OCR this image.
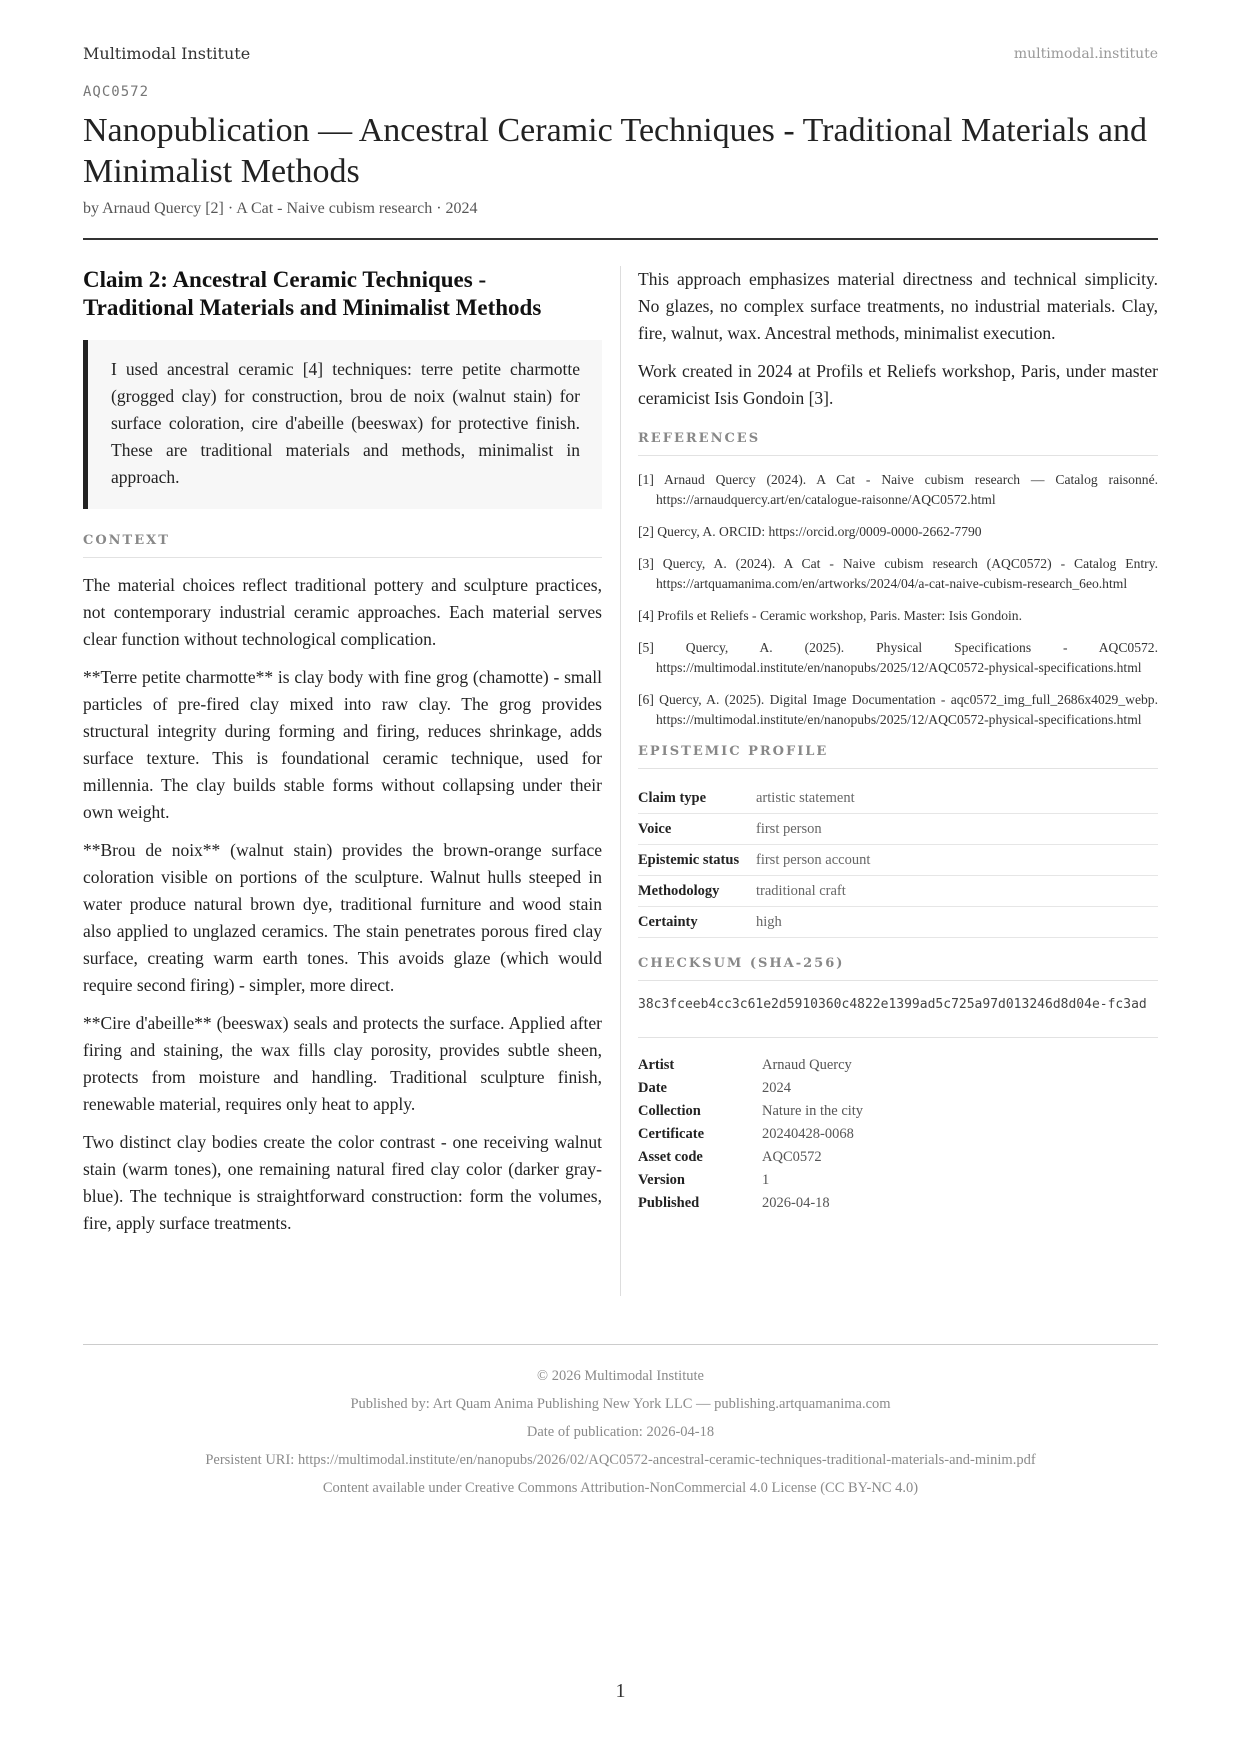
Multimodal Institute	multimodal.institute
AQC0572
Nanopublication — Ancestral Ceramic Techniques - Traditional Materials and Minimalist Methods
by Arnaud Quercy [2] · A Cat - Naive cubism research · 2024
Claim 2: Ancestral Ceramic Techniques - Traditional Materials and Minimalist Methods
I used ancestral ceramic [4] techniques: terre petite charmotte (grogged clay) for construction, brou de noix (walnut stain) for surface coloration, cire d'abeille (beeswax) for protective finish. These are traditional materials and methods, minimalist in approach.
CONTEXT

The material choices reflect traditional pottery and sculpture practices, not contemporary industrial ceramic approaches. Each material serves clear function without technological complication.

**Terre petite charmotte** is clay body with fine grog (chamotte) - small particles of pre-fired clay mixed into raw clay. The grog provides structural integrity during forming and firing, reduces shrinkage, adds surface texture. This is foundational ceramic technique, used for millennia. The clay builds stable forms without collapsing under their own weight.

**Brou de noix** (walnut stain) provides the brown-orange surface coloration visible on portions of the sculpture. Walnut hulls steeped in water produce natural brown dye, traditional furniture and wood stain also applied to unglazed ceramics. The stain penetrates porous fired clay surface, creating warm earth tones. This avoids glaze (which would require second firing) - simpler, more direct.

**Cire d'abeille** (beeswax) seals and protects the surface. Applied after firing and staining, the wax fills clay porosity, provides subtle sheen, protects from moisture and handling. Traditional sculpture finish, renewable material, requires only heat to apply.

Two distinct clay bodies create the color contrast - one receiving walnut stain (warm tones), one remaining natural fired clay color (darker gray-blue). The technique is straightforward construction: form the volumes, fire, apply surface treatments.

This approach emphasizes material directness and technical simplicity. No glazes, no complex surface treatments, no industrial materials. Clay, fire, walnut, wax. Ancestral methods, minimalist execution.

Work created in 2024 at Profils et Reliefs workshop, Paris, under master ceramicist Isis Gondoin [3].

REFERENCES
[1] Arnaud Quercy (2024). A Cat - Naive cubism research — Catalog raisonné. https://arnaudquercy.art/en/catalogue-raisonne/AQC0572.html
[2] Quercy, A. ORCID: https://orcid.org/0009-0000-2662-7790
[3] Quercy, A. (2024). A Cat - Naive cubism research (AQC0572) - Catalog Entry. https://artquamanima.com/en/artworks/2024/04/a-cat-naive-cubism-research_6eo.html
[4] Profils et Reliefs - Ceramic workshop, Paris. Master: Isis Gondoin.
[5] Quercy, A. (2025). Physical Specifications - AQC0572. https://multimodal.institute/en/nanopubs/2025/12/AQC0572-physical-specifications.html
[6] Quercy, A. (2025). Digital Image Documentation - aqc0572_img_full_2686x4029_webp. https://multimodal.institute/en/nanopubs/2025/12/AQC0572-physical-specifications.html
EPISTEMIC PROFILE
Claim type	artistic statement
Voice	first person
Epistemic status	first person account
Methodology	traditional craft
Certainty	high
CHECKSUM (SHA-256)
38c3fceeb4cc3c61e2d5910360c4822e1399ad5c725a97d013246d8d04e-fc3ad
Artist	Arnaud Quercy
Date	2024
Collection	Nature in the city
Certificate	20240428-0068
Asset code	AQC0572
Version	1
Published	2026-04-18
© 2026 Multimodal Institute
Published by: Art Quam Anima Publishing New York LLC — publishing.artquamanima.com
Date of publication: 2026-04-18
Persistent URI: https://multimodal.institute/en/nanopubs/2026/02/AQC0572-ancestral-ceramic-techniques-traditional-materials-and-minim.pdf
Content available under Creative Commons Attribution-NonCommercial 4.0 License (CC BY-NC 4.0)
1
